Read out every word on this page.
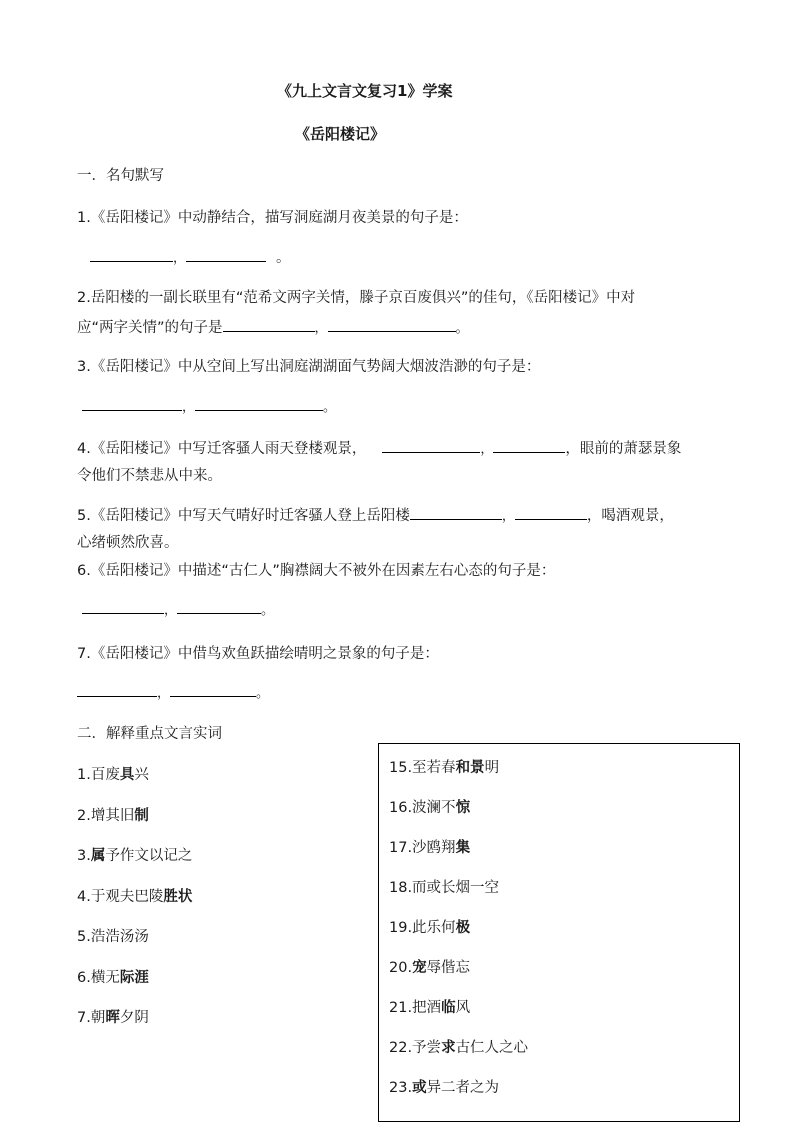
《九上文言文复习1》学案
《岳阳楼记》
一．名句默写
1.《岳阳楼记》中动静结合，描写洞庭湖月夜美景的句子是：
，	。
2.岳阳楼的一副长联里有“范希文两字关情，滕子京百废俱兴”的佳句，《岳阳楼记》中对
应“两字关情”的句子是	，	。
3.《岳阳楼记》中从空间上写出洞庭湖湖面气势阔大烟波浩渺的句子是：
，	。
4.《岳阳楼记》中写迁客骚人雨天登楼观景，	，	，眼前的萧瑟景象
令他们不禁悲从中来。
5.《岳阳楼记》中写天气晴好时迁客骚人登上岳阳楼	，	，喝酒观景，
心绪顿然欣喜。
6.《岳阳楼记》中描述“古仁人”胸襟阔大不被外在因素左右心态的句子是：
，	。
7.《岳阳楼记》中借鸟欢鱼跃描绘晴明之景象的句子是：
，	。
二．解释重点文言实词
1.百废具兴
2.增其旧制
3.属予作文以记之
4.于观夫巴陵胜状
5.浩浩汤汤
6.横无际涯
7.朝晖夕阴
15.至若春和景明
16.波澜不惊
17.沙鸥翔集
18.而或长烟一空
19.此乐何极
20.宠辱偕忘
21.把酒临风
22.予尝求古仁人之心
23.或异二者之为
